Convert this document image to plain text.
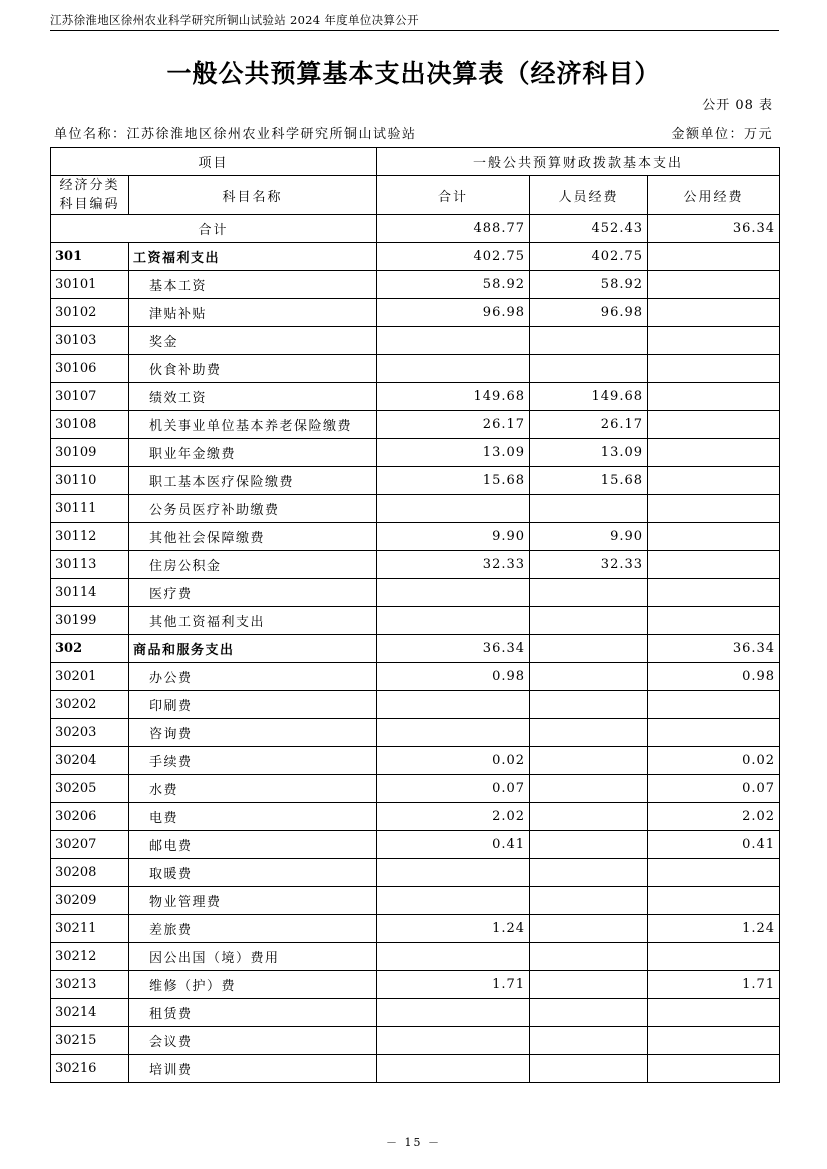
江苏徐淮地区徐州农业科学研究所铜山试验站 2024 年度单位决算公开
一般公共预算基本支出决算表（经济科目）
公开 08 表
单位名称：江苏徐淮地区徐州农业科学研究所铜山试验站	金额单位：万元
项目		一般公共预算财政拨款基本支出		
经济分类
科目编码	科目名称	合计	人员经费	公用经费
合计		488.77	452.43	36.34
301	工资福利支出	402.75	402.75	
30101	基本工资	58.92	58.92	
30102	津贴补贴	96.98	96.98	
30103	奖金			
30106	伙食补助费			
30107	绩效工资	149.68	149.68	
30108	机关事业单位基本养老保险缴费	26.17	26.17	
30109	职业年金缴费	13.09	13.09	
30110	职工基本医疗保险缴费	15.68	15.68	
30111	公务员医疗补助缴费			
30112	其他社会保障缴费	9.90	9.90	
30113	住房公积金	32.33	32.33	
30114	医疗费			
30199	其他工资福利支出			
302	商品和服务支出	36.34		36.34
30201	办公费	0.98		0.98
30202	印刷费			
30203	咨询费			
30204	手续费	0.02		0.02
30205	水费	0.07		0.07
30206	电费	2.02		2.02
30207	邮电费	0.41		0.41
30208	取暖费			
30209	物业管理费			
30211	差旅费	1.24		1.24
30212	因公出国（境）费用			
30213	维修（护）费	1.71		1.71
30214	租赁费			
30215	会议费			
30216	培训费			
－ 15 －
